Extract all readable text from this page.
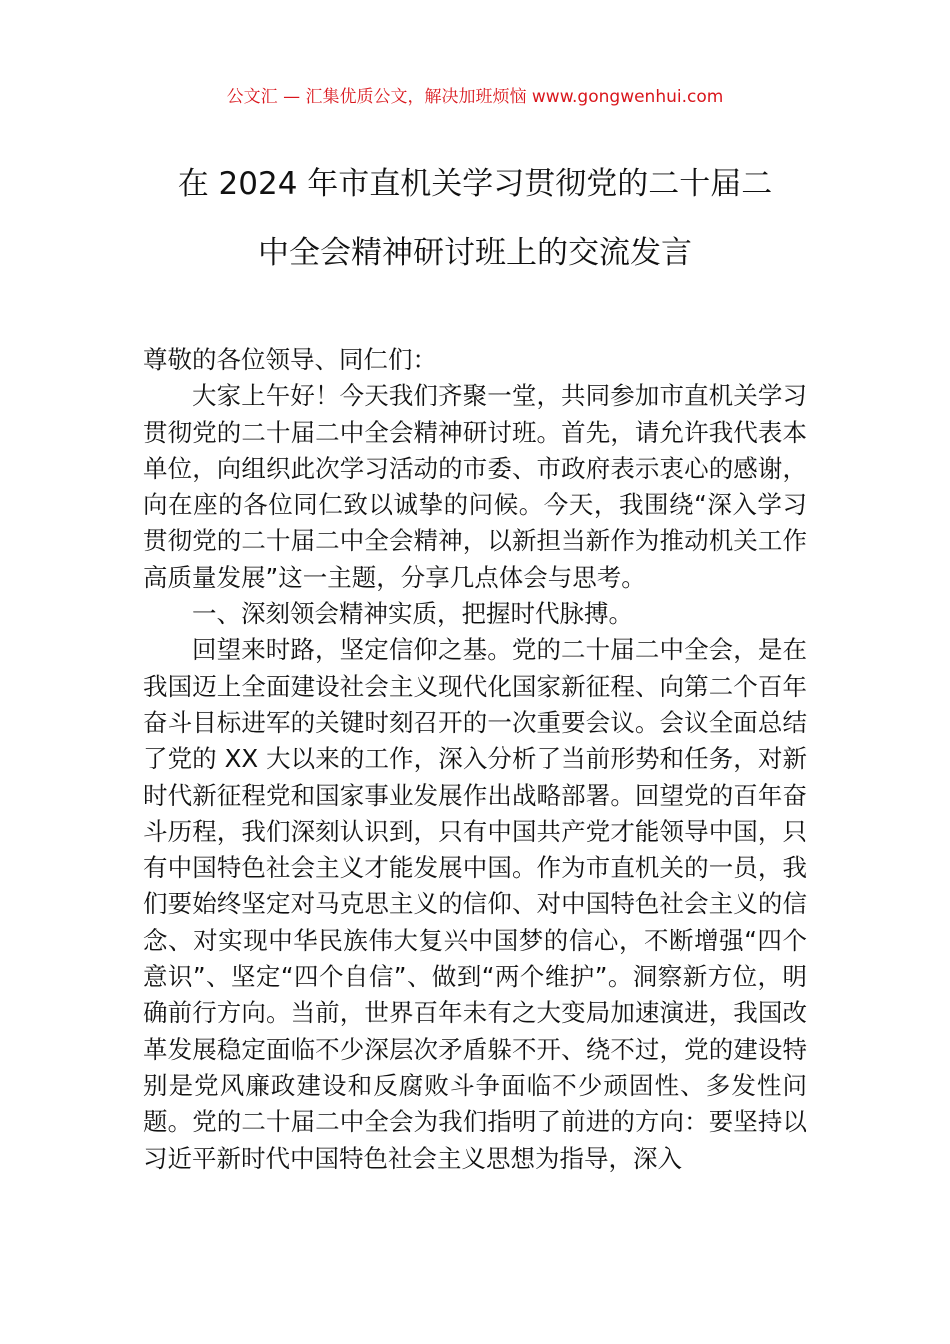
公文汇 — 汇集优质公文，解决加班烦恼 www.gongwenhui.com
在 2024 年市直机关学习贯彻党的二十届二
中全会精神研讨班上的交流发言

尊敬的各位领导、同仁们：

大家上午好！今天我们齐聚一堂，共同参加市直机关学习贯彻党的二十届二中全会精神研讨班。首先，请允许我代表本单位，向组织此次学习活动的市委、市政府表示衷心的感谢，向在座的各位同仁致以诚挚的问候。今天，我围绕“深入学习贯彻党的二十届二中全会精神，以新担当新作为推动机关工作高质量发展”这一主题，分享几点体会与思考。

一、深刻领会精神实质，把握时代脉搏。

回望来时路，坚定信仰之基。党的二十届二中全会，是在我国迈上全面建设社会主义现代化国家新征程、向第二个百年奋斗目标进军的关键时刻召开的一次重要会议。会议全面总结了党的 XX 大以来的工作，深入分析了当前形势和任务，对新时代新征程党和国家事业发展作出战略部署。回望党的百年奋斗历程，我们深刻认识到，只有中国共产党才能领导中国，只有中国特色社会主义才能发展中国。作为市直机关的一员，我们要始终坚定对马克思主义的信仰、对中国特色社会主义的信念、对实现中华民族伟大复兴中国梦的信心，不断增强“四个意识”、坚定“四个自信”、做到“两个维护”。洞察新方位，明确前行方向。当前，世界百年未有之大变局加速演进，我国改革发展稳定面临不少深层次矛盾躲不开、绕不过，党的建设特别是党风廉政建设和反腐败斗争面临不少顽固性、多发性问题。党的二十届二中全会为我们指明了前进的方向：要坚持以习近平新时代中国特色社会主义思想为指导，深入
